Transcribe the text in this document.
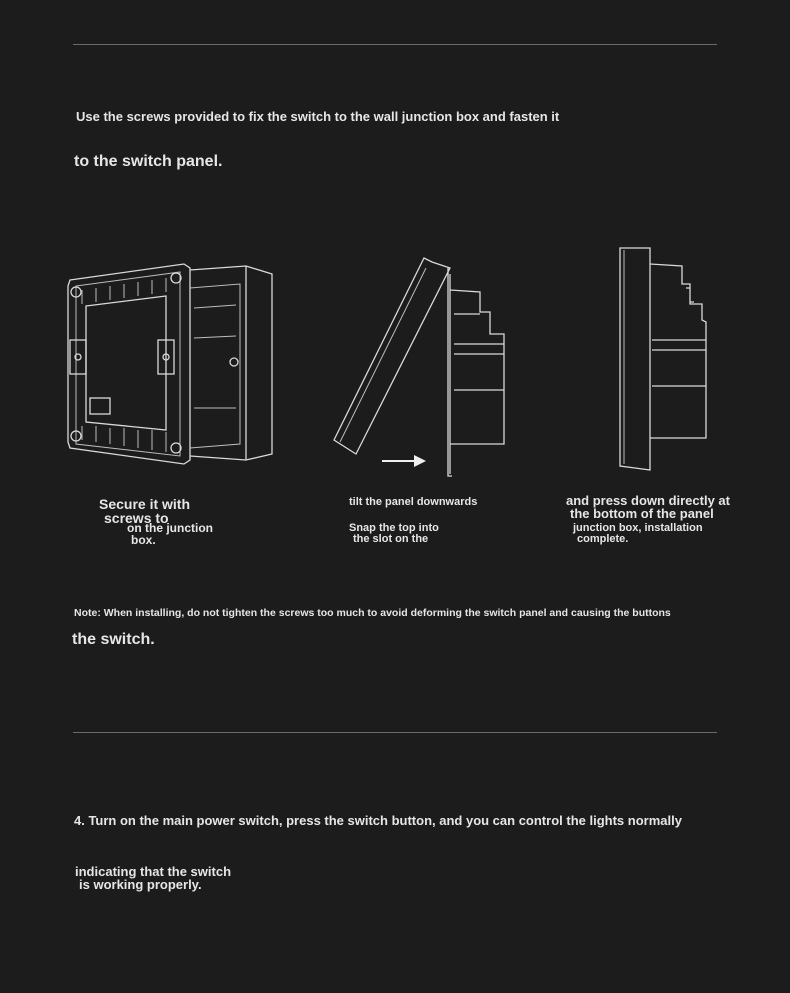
Use the screws provided to fix the switch to the wall junction box and fasten it
to the switch panel.
Secure it with
screws to
on the junction
box.
tilt the panel downwards
Snap the top into
the slot on the
and press down directly at
the bottom of the panel
junction box, installation
complete.
Note: When installing, do not tighten the screws too much to avoid deforming the switch panel and causing the buttons
the switch.
4. Turn on the main power switch, press the switch button, and you can control the lights normally
indicating that the switch
is working properly.
